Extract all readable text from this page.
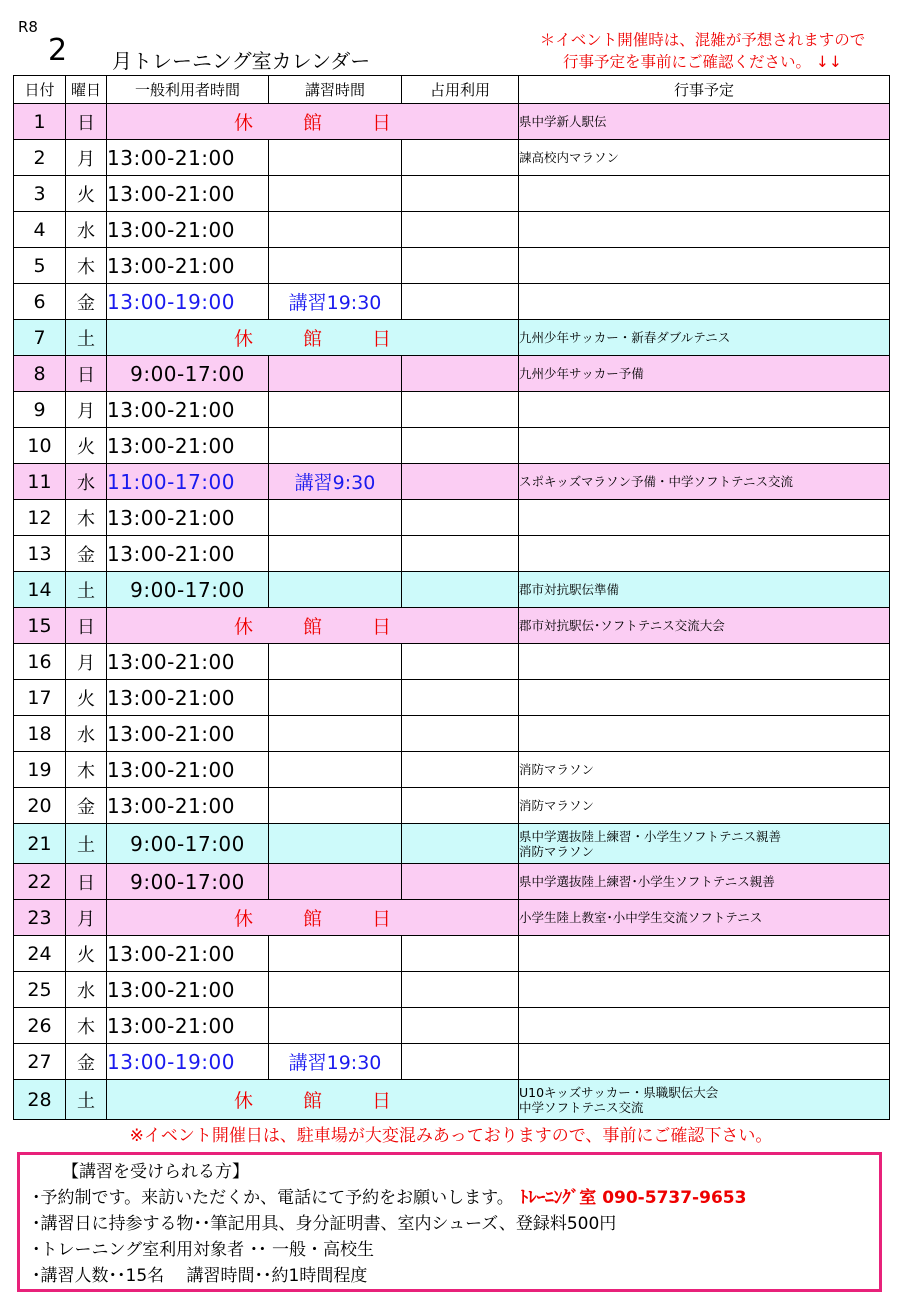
R8
2 月トレーニング室カレンダー
＊イベント開催時は、混雑が予想されますので
行事予定を事前にご確認ください。 ↓↓
日付	曜日	一般利用者時間	講習時間	占用利用	行事予定
1	日	休 館 日			県中学新人駅伝

2	月	13:00-21:00			諫高校内マラソン

3	火	13:00-21:00			
4	水	13:00-21:00			
5	木	13:00-21:00			
6	金	13:00-19:00	講習19:30		
7	土	休 館 日			九州少年サッカー・新春ダブルテニス

8	日	9:00-17:00			九州少年サッカー予備

9	月	13:00-21:00			
10	火	13:00-21:00			
11	水	11:00-17:00	講習9:30		スポキッズマラソン予備・中学ソフトテニス交流

12	木	13:00-21:00			
13	金	13:00-21:00			
14	土	9:00-17:00			郡市対抗駅伝準備

15	日	休 館 日			郡市対抗駅伝･ソフトテニス交流大会

16	月	13:00-21:00			
17	火	13:00-21:00			
18	水	13:00-21:00			
19	木	13:00-21:00			消防マラソン

20	金	13:00-21:00			消防マラソン

21	土	9:00-17:00			県中学選抜陸上練習・小学生ソフトテニス親善
消防マラソン

22	日	9:00-17:00			県中学選抜陸上練習･小学生ソフトテニス親善

23	月	休 館 日			小学生陸上教室･小中学生交流ソフトテニス

24	火	13:00-21:00			
25	水	13:00-21:00			
26	木	13:00-21:00			
27	金	13:00-19:00	講習19:30		
28	土	休 館 日			U10キッズサッカー・県職駅伝大会
中学ソフトテニス交流
※イベント開催日は、駐車場が大変混みあっておりますので、事前にご確認下さい。
【講習を受けられる方】
･予約制です。来訪いただくか、電話にて予約をお願いします。 ﾄﾚｰﾆﾝｸﾞ室 090-5737-9653
･講習日に持参する物･･筆記用具、身分証明書、室内シューズ、登録料500円
･トレーニング室利用対象者 ･･ 一般・高校生
･講習人数･･15名　 講習時間･･約1時間程度
